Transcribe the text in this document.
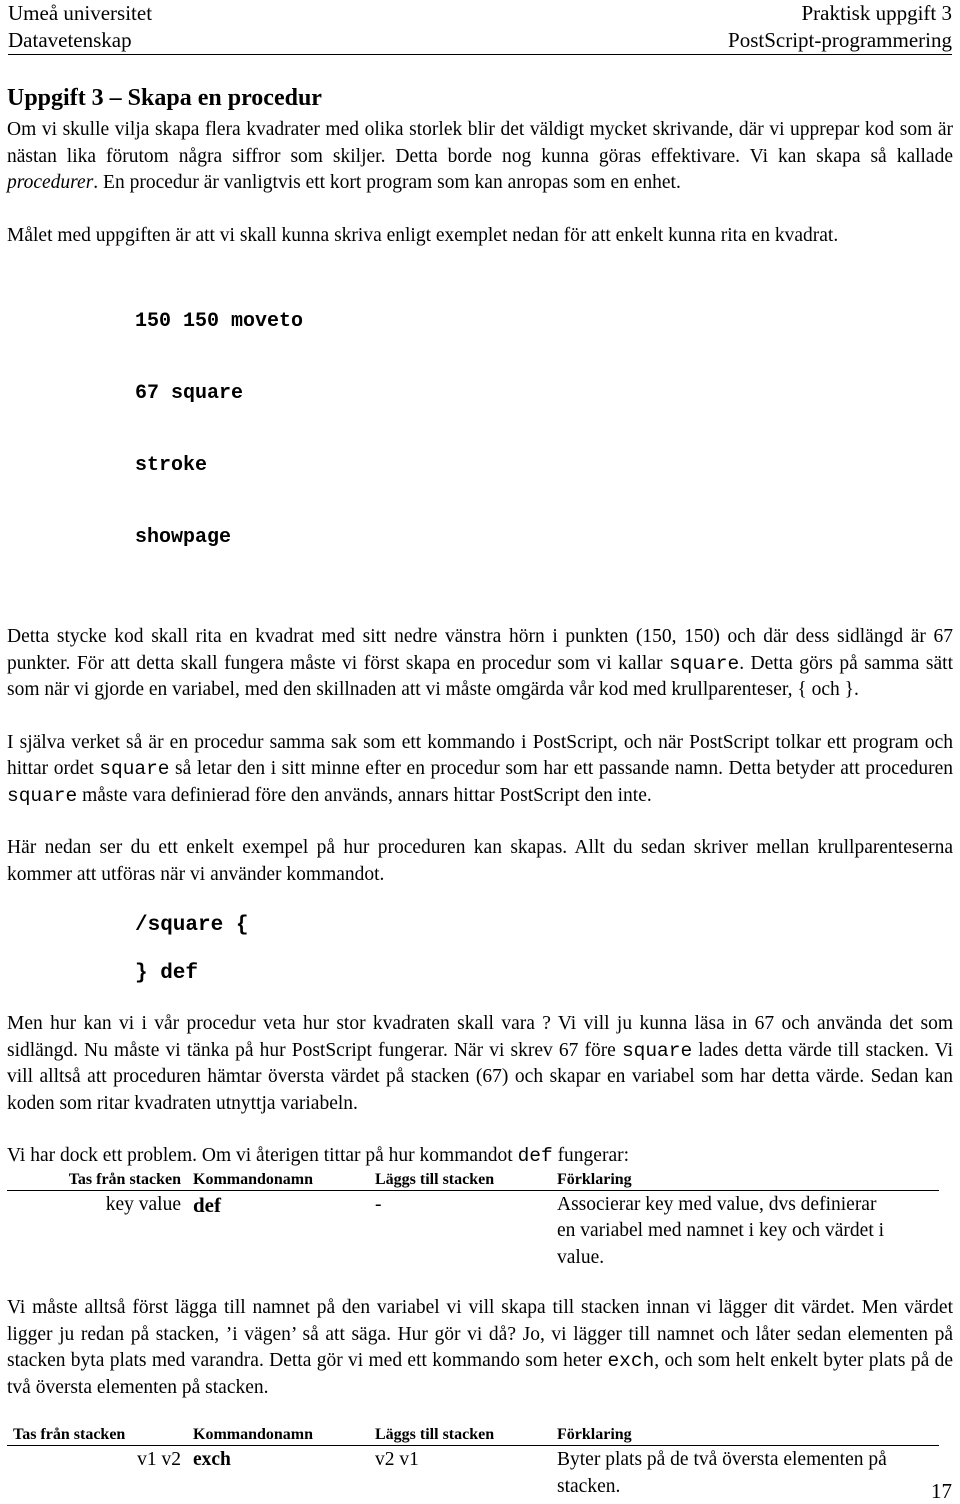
Umeå universitet	Praktisk uppgift 3
Datavetenskap	PostScript-programmering
Uppgift 3 – Skapa en procedur

Om vi skulle vilja skapa flera kvadrater med olika storlek blir det väldigt mycket skrivande, där vi upprepar kod som är nästan lika förutom några siffror som skiljer. Detta borde nog kunna göras effektivare. Vi kan skapa så kallade procedurer. En procedur är vanligtvis ett kort program som kan anropas som en enhet.

Målet med uppgiften är att vi skall kunna skriva enligt exemplet nedan för att enkelt kunna rita en kvadrat.

150 150 moveto

67 square

stroke

showpage

Detta stycke kod skall rita en kvadrat med sitt nedre vänstra hörn i punkten (150, 150) och där dess sidlängd är 67 punkter. För att detta skall fungera måste vi först skapa en procedur som vi kallar square. Detta görs på samma sätt som när vi gjorde en variabel, med den skillnaden att vi måste omgärda vår kod med krullparenteser, { och }.

I själva verket så är en procedur samma sak som ett kommando i PostScript, och när PostScript tolkar ett program och hittar ordet square så letar den i sitt minne efter en procedur som har ett passande namn. Detta betyder att proceduren square måste vara definierad före den används, annars hittar PostScript den inte.

Här nedan ser du ett enkelt exempel på hur proceduren kan skapas. Allt du sedan skriver mellan krullparenteserna kommer att utföras när vi använder kommandot.

/square {
} def

Men hur kan vi i vår procedur veta hur stor kvadraten skall vara ? Vi vill ju kunna läsa in 67 och använda det som sidlängd. Nu måste vi tänka på hur PostScript fungerar. När vi skrev 67 före square lades detta värde till stacken. Vi vill alltså att proceduren hämtar översta värdet på stacken (67) och skapar en variabel som har detta värde. Sedan kan koden som ritar kvadraten utnyttja variabeln.

Vi har dock ett problem. Om vi återigen tittar på hur kommandot def fungerar:

Tas från stacken	Kommandonamn	Läggs till stacken	Förklaring
key value	def	-	Associerar key med value, dvs definierar en variabel med namnet i key och värdet i value.

Vi måste alltså först lägga till namnet på den variabel vi vill skapa till stacken innan vi lägger dit värdet. Men värdet ligger ju redan på stacken, ’i vägen’ så att säga. Hur gör vi då? Jo, vi lägger till namnet och låter sedan elementen på stacken byta plats med varandra. Detta gör vi med ett kommando som heter exch, och som helt enkelt byter plats på de två översta elementen på stacken.

Tas från stacken	Kommandonamn	Läggs till stacken	Förklaring
v1 v2	exch	v2 v1	Byter plats på de två översta elementen på stacken.	17
